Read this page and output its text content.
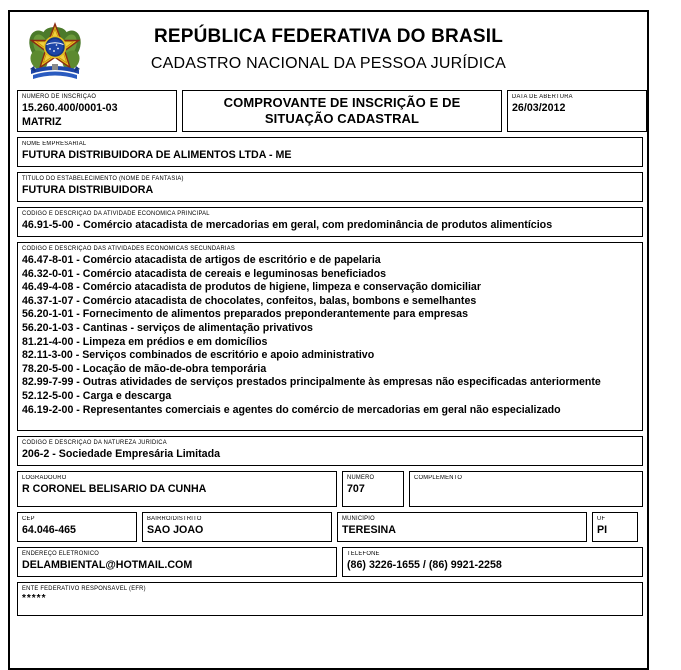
REPÚBLICA FEDERATIVA DO BRASIL
CADASTRO NACIONAL DA PESSOA JURÍDICA
NÚMERO DE INSCRIÇÃO
15.260.400/0001-03
MATRIZ
COMPROVANTE DE INSCRIÇÃO E DE SITUAÇÃO CADASTRAL
DATA DE ABERTURA
26/03/2012
NOME EMPRESARIAL
FUTURA DISTRIBUIDORA DE ALIMENTOS LTDA - ME
TÍTULO DO ESTABELECIMENTO (NOME DE FANTASIA)
FUTURA DISTRIBUIDORA
CÓDIGO E DESCRIÇÃO DA ATIVIDADE ECONÔMICA PRINCIPAL
46.91-5-00 - Comércio atacadista de mercadorias em geral, com predominância de produtos alimentícios
CÓDIGO E DESCRIÇÃO DAS ATIVIDADES ECONÔMICAS SECUNDÁRIAS
46.47-8-01 - Comércio atacadista de artigos de escritório e de papelaria
46.32-0-01 - Comércio atacadista de cereais e leguminosas beneficiados
46.49-4-08 - Comércio atacadista de produtos de higiene, limpeza e conservação domiciliar
46.37-1-07 - Comércio atacadista de chocolates, confeitos, balas, bombons e semelhantes
56.20-1-01 - Fornecimento de alimentos preparados preponderantemente para empresas
56.20-1-03 - Cantinas - serviços de alimentação privativos
81.21-4-00 - Limpeza em prédios e em domicílios
82.11-3-00 - Serviços combinados de escritório e apoio administrativo
78.20-5-00 - Locação de mão-de-obra temporária
82.99-7-99 - Outras atividades de serviços prestados principalmente às empresas não especificadas anteriormente
52.12-5-00 - Carga e descarga
46.19-2-00 - Representantes comerciais e agentes do comércio de mercadorias em geral não especializado
CÓDIGO E DESCRIÇÃO DA NATUREZA JURÍDICA
206-2 - Sociedade Empresária Limitada
LOGRADOURO
R CORONEL BELISARIO DA CUNHA
NÚMERO
707
COMPLEMENTO
CEP
64.046-465
BAIRRO/DISTRITO
SAO JOAO
MUNICÍPIO
TERESINA
UF
PI
ENDEREÇO ELETRÔNICO
DELAMBIENTAL@HOTMAIL.COM
TELEFONE
(86) 3226-1655 / (86) 9921-2258
ENTE FEDERATIVO RESPONSÁVEL (EFR)
*****
